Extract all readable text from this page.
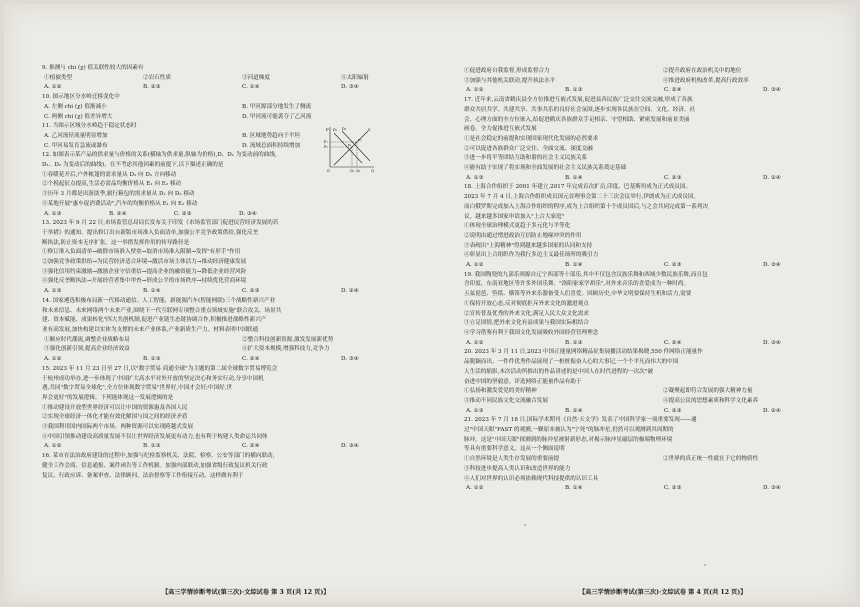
9. 推测与 chi (χ) 值关联性较大的因素有
①植被类型	②岩石性质	③河道梯度	④太阳辐射
A. ①②	B. ②③	C. ①④	D. ③④
10. 图示地区分水岭迁移变化中
A. 左侧 chi (χ) 值渐减小	B. 甲河源部分地发生了侧流
C. 两侧 chi (χ) 值差异增大	D. 甲河流可能袭夺了乙河流
11. 当图示区域分水岭趋于稳定状态时
A. 乙河流径流量明显增加	B. 区域地势趋向于平坦
C. 甲河易发育急流或瀑布	D. 流域总面积持续增加
12. 如图表示某产品的供求量与价格的关系(横轴为供求量,纵轴为价格),D、D₁ 为变动前的曲线,
D₁、D₂ 为变动后的曲线)。在不考虑其他因素的前提下,以下描述正确的是
①春暖花开后,户外帐篷的需求量从 D₁ 向 D₂ 方向移动
②个税起征点提高,生活必需品均衡价格从 E₁ 向 E₂ 移动
③历年 3 月都是出游淡季,旅行箱包的需求量从 D₁ 向 D₂ 移动
④某地开展"惠车促消费活动",汽车的均衡价格从 E₁ 向 E₂ 移动
A. ①③	B. ②④	C. ②③	D. ③④
13. 2023 年 9 月 22 日,市场监管总局局长发布关于印发《市场监管部门促进民营经济发展的若
干举措》的通知。提出修订出台新版市场准入负面清单,加强公平竞争政策供给,强化反垄
断执法,防止资本无序扩张。这一举措发挥作用的传导路径是
①修订准入负面清单→破除市场准入壁垒→取消市场准入限制→发挥"有形手"作用
②加强竞争政策供给→为民营经济适合环境→激活市场主体活力→推动经济健康发展
③强化信用约束激励→激励企业守信重信→提高企业的融资能力→降低企业经营风险
④强化反垄断执法→开展经营者集中审查→形成公平的市场秩序→持续优化营商环境
A. ①③	B. ①④	C. ②③	D. ②④
14. 国家遴选积极布局新一代移动通信、人工智能、新能源汽车(智能网联)三个战略性新兴产业
和未来信息、未来网络两个未来产业,围绕下一代互联网专项整合重点领域实施"联合攻关、场景共
建、资本赋能、成果转化"四大共创机制,促进产业链生态链协调合作,积极推进战略性新兴产
业有高发展,加快构建以实体为支撑的未来产业体系,产业新质生产力。材料表明中国联通
①顺应时代潮流,调整企业战略布局	②整合科技创新资源,激发发展新优势
③强化创新引领,提高企业经济效益	④扩大资本规模,增强科技力,竞争力
A. ①②	B. ①③	C. ②④	D. ③④
15. 2023 年 11 月 23 日至 27 日,以"数字贸易 商通全球"为主题的第二届全球数字贸易博览会
于杭州成功举办,进一步体现了中国扩大高水平对外开放的坚定决心和务实行动,分享中国机
遇,共同"数字贸易全球化",全方位体现数字贸易"世界好,中国才会好;中国好,世
界会更好"的发展逻辑。下列能体现这一发展逻辑的是
①推动建设开放型世界经济可以让中国的资源惠及各国人民
②实现全球经济一体化才能有效化解国与国之间的经济矛盾
③我国利用国内国际两个市场、两种资源可以实现跨越式发展
④中国引领推动建设高质量发展不仅让世界经济发展更有动力,也有利于构建人类命运共同体
A. ①②	B. ①③	C. ②④	D. ③④
16. 某市在法治政府建设的过程中,加强与纪检监察机关、法院、检察、公安等部门的横向联动,
健全工作会商、信息通报、案件函告等工作机制。加强内部联动,加强省级行政复议机关行政
复议、行政应诉、备案审查、法律顾问、法治督察等工作衔接互动。这样做有利于
P
P₁
P₂
D₁ D₂	S
E₁
E₂
Q₁ Q₂	Q
O
①促进政府自我监督,形成监督合力	②提升政府在政治机关中的地位
③加强与其他机关联动,提升执法水平	④推进政府机构改革,提高行政效率
A. ①②	B. ①③	C. ②④	D. ③④
17. 近年来,云南省鹤庆县全方位推进互嵌式发展,促进县各民族广泛交往交流交融,形成了各族
群众共居共学、共建共享、共事共乐的良好社会氛围,逐步实现各民族在空间、文化、经济、社
会、心理方面的全方位嵌入,给促进鹤庆各族群众手足相亲、守望相助、紧密发展和前景美丽
画卷。全力促推进互嵌式发展
①是社会稳定的前提和实现国家现代化发展的必然要求
②可以促进各族群众广泛交往、全面交流、深度交融
③进一步将平等团结互助和谐的社会主义民族关系
④能有助于实现了将实现和全面发展的社会主义民族关系奠定基础
A. ①③	B. ①④	C. ②③	D. ②④
18. 上海合作组织于 2001 年建立,2017 年完成首次扩员,印度、巴基斯坦成为正式成员国。
2023 年 7 月 4 日,上海合作组织成员国元首理事会第二十三次会议举行,伊朗成为正式成员国,
而白俄罗斯完成加入上海合作组织的程序,成为上合组织第十个成员国后,与之会共同完成第一系列决
议。越来越多国家申请加入"上合大家庭"
①体现全球治理模式更趋于多元化与平等化
②说明由通过增进政治互信防止地缘冲突的作用
③表现出"上海精神"得到越来越多国家的认同和支持
④彰显出上合组织作为我行多边主义最佳场所的吸引力
A. ①②	B. ①④	C. ②③	D. ③④
19. 我国陶瓷的九部乐须源自辽宁西部等十部乐,其中不仅包含汉族乐舞和西域少数民族乐舞,而且包
含印度、东南亚地区等许多外国乐舞。"洛阳家家学胡乐",对外来音乐的喜爱成为一种时尚。
五弦琵琶、箜篌、横笛等外来乐器备受人们喜爱。回顾历史,中华文明要保持生机和活力,需要
①保持开放心态,反对彻底拒斥外来文化的激进观点
②宣传普及优秀的外来文化,满足人民大众文化需求
③立足国情,把外来文化有益成果与我国实际相结合
④学习借鉴有利于我国文化发展吸收外国经营管理理念
A. ①②	B. ①③	C. ②④	D. ③④
20. 2023 年 3 月 11 日,2023 中国正能量网络精品征集展播活动结果揭晓,550 件网络正能量作
品脱颖而出。一件件优秀作品展现了一桩桩振奋人心的大事记,一个个平凡而伟大的中国
人生活的缩影,本次活动所推出的作品讲述的是中国人在时代进程的一次次"破
奋进中国的坚毅意。评选网络正能量作品有助于
①弘扬和激发爱党的美好精神	②凝聚起即符合发展的强大精神力量
③推动不同民族文化交流融合发展	④提高公民的思想素质和科学文化素养
A. ①③	B. ①④	C. ②③	D. ②④
21. 2023 年 7 月 18 日,国际学术期刊《自然·天文学》发表了中国科学家一项重要发现——通
过"中国天眼"FAST 的观测,一颗原本被认为"宁死"的脉冲星,仍然可以观测到其周期的
脉冲。这是"中国天眼"探测到的脉冲星被射新形态,对揭示脉冲星磁层的极端物理环境
等具有重要科学意义。这从一个侧面说明
①自然环境是人类生存发展的重要前提	②世界的真正统一性就在于它的物质性
③科技进步提高人类认识和改造世界的能力
④人们对世界的认识必须依赖现代科技提供的认识工具
A. ①②	B. ①④	C. ②③	D. ③④
【高三学情诊断考试(第三次)·文综试卷 第 3 页(共 12 页)】	【高三学情诊断考试(第三次)·文综试卷 第 4 页(共 12 页)】
